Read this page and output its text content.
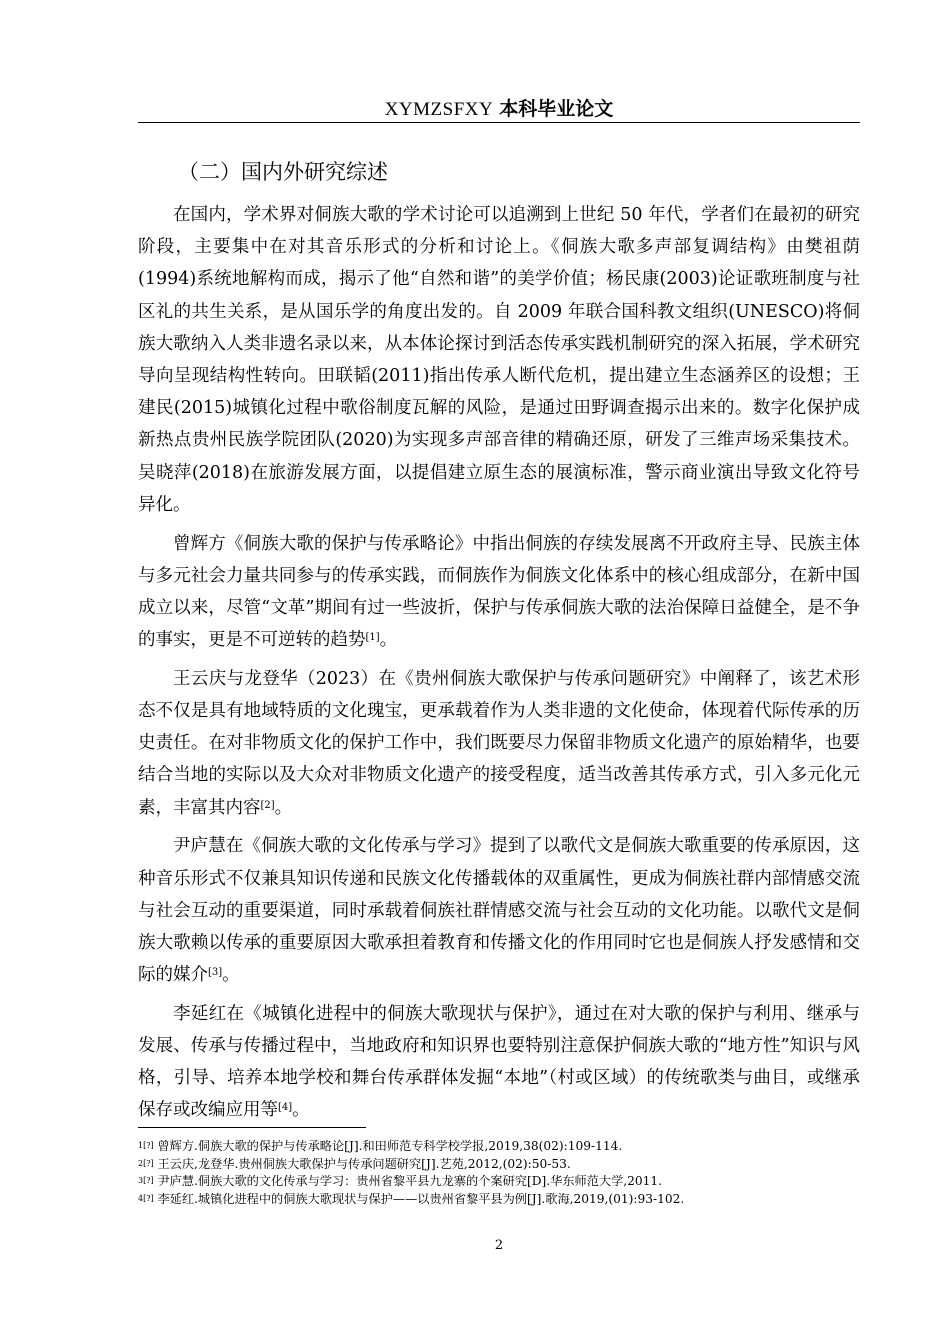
XYMZSFXY 本科毕业论文
（二）国内外研究综述

在国内，学术界对侗族大歌的学术讨论可以追溯到上世纪 50 年代，学者们在最初的研究阶段，主要集中在对其音乐形式的分析和讨论上。《侗族大歌多声部复调结构》由樊祖荫(1994)系统地解构而成，揭示了他“自然和谐”的美学价值；杨民康(2003)论证歌班制度与社区礼的共生关系，是从国乐学的角度出发的。自 2009 年联合国科教文组织(UNESCO)将侗族大歌纳入人类非遗名录以来，从本体论探讨到活态传承实践机制研究的深入拓展，学术研究导向呈现结构性转向。田联韬(2011)指出传承人断代危机，提出建立生态涵养区的设想；王建民(2015)城镇化过程中歌俗制度瓦解的风险，是通过田野调查揭示出来的。数字化保护成新热点贵州民族学院团队(2020)为实现多声部音律的精确还原，研发了三维声场采集技术。吴晓萍(2018)在旅游发展方面，以提倡建立原生态的展演标准，警示商业演出导致文化符号异化。

曾辉方《侗族大歌的保护与传承略论》中指出侗族的存续发展离不开政府主导、民族主体与多元社会力量共同参与的传承实践，而侗族作为侗族文化体系中的核心组成部分，在新中国成立以来，尽管“文革”期间有过一些波折，保护与传承侗族大歌的法治保障日益健全，是不争的事实，更是不可逆转的趋势[1]。

王云庆与龙登华（2023）在《贵州侗族大歌保护与传承问题研究》中阐释了，该艺术形态不仅是具有地域特质的文化瑰宝，更承载着作为人类非遗的文化使命，体现着代际传承的历史责任。在对非物质文化的保护工作中，我们既要尽力保留非物质文化遗产的原始精华，也要结合当地的实际以及大众对非物质文化遗产的接受程度，适当改善其传承方式，引入多元化元素，丰富其内容[2]。

尹庐慧在《侗族大歌的文化传承与学习》提到了以歌代文是侗族大歌重要的传承原因，这种音乐形式不仅兼具知识传递和民族文化传播载体的双重属性，更成为侗族社群内部情感交流与社会互动的重要渠道，同时承载着侗族社群情感交流与社会互动的文化功能。以歌代文是侗族大歌赖以传承的重要原因大歌承担着教育和传播文化的作用同时它也是侗族人抒发感情和交际的媒介[3]。

李延红在《城镇化进程中的侗族大歌现状与保护》，通过在对大歌的保护与利用、继承与发展、传承与传播过程中，当地政府和知识界也要特别注意保护侗族大歌的“地方性”知识与风格，引导、培养本地学校和舞台传承群体发掘“本地”（村或区域）的传统歌类与曲目，或继承保存或改编应用等[4]。

$^{1[?]}$ 曾辉方.侗族大歌的保护与传承略论[J].和田师范专科学校学报,2019,38(02):109-114.
$^{2[?]}$ 王云庆,龙登华.贵州侗族大歌保护与传承问题研究[J].艺苑,2012,(02):50-53.
$^{3[?]}$ 尹庐慧.侗族大歌的文化传承与学习：贵州省黎平县九龙寨的个案研究[D].华东师范大学,2011.
$^{4[?]}$ 李延红.城镇化进程中的侗族大歌现状与保护——以贵州省黎平县为例[J].歌海,2019,(01):93-102.
2
